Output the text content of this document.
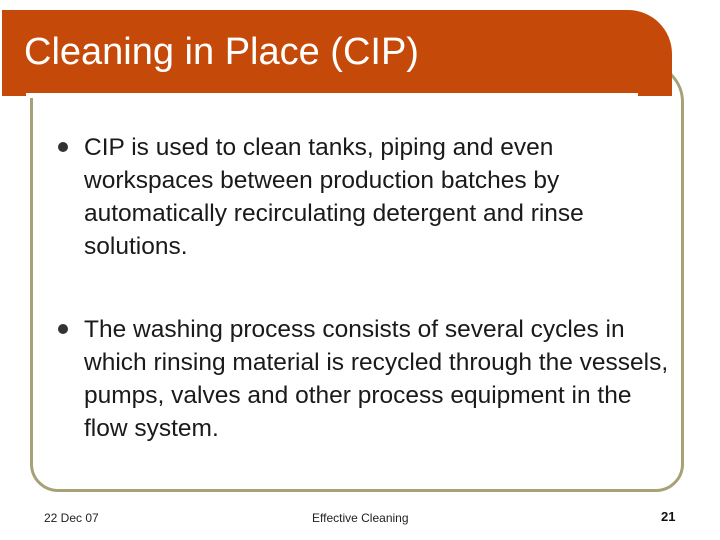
Cleaning in Place (CIP)
CIP is used to clean tanks, piping and even workspaces between production batches by automatically recirculating detergent and rinse solutions.
The washing process consists of several cycles in which rinsing material is recycled through the vessels, pumps, valves and other process equipment in the flow system.
22 Dec 07	Effective Cleaning	21
